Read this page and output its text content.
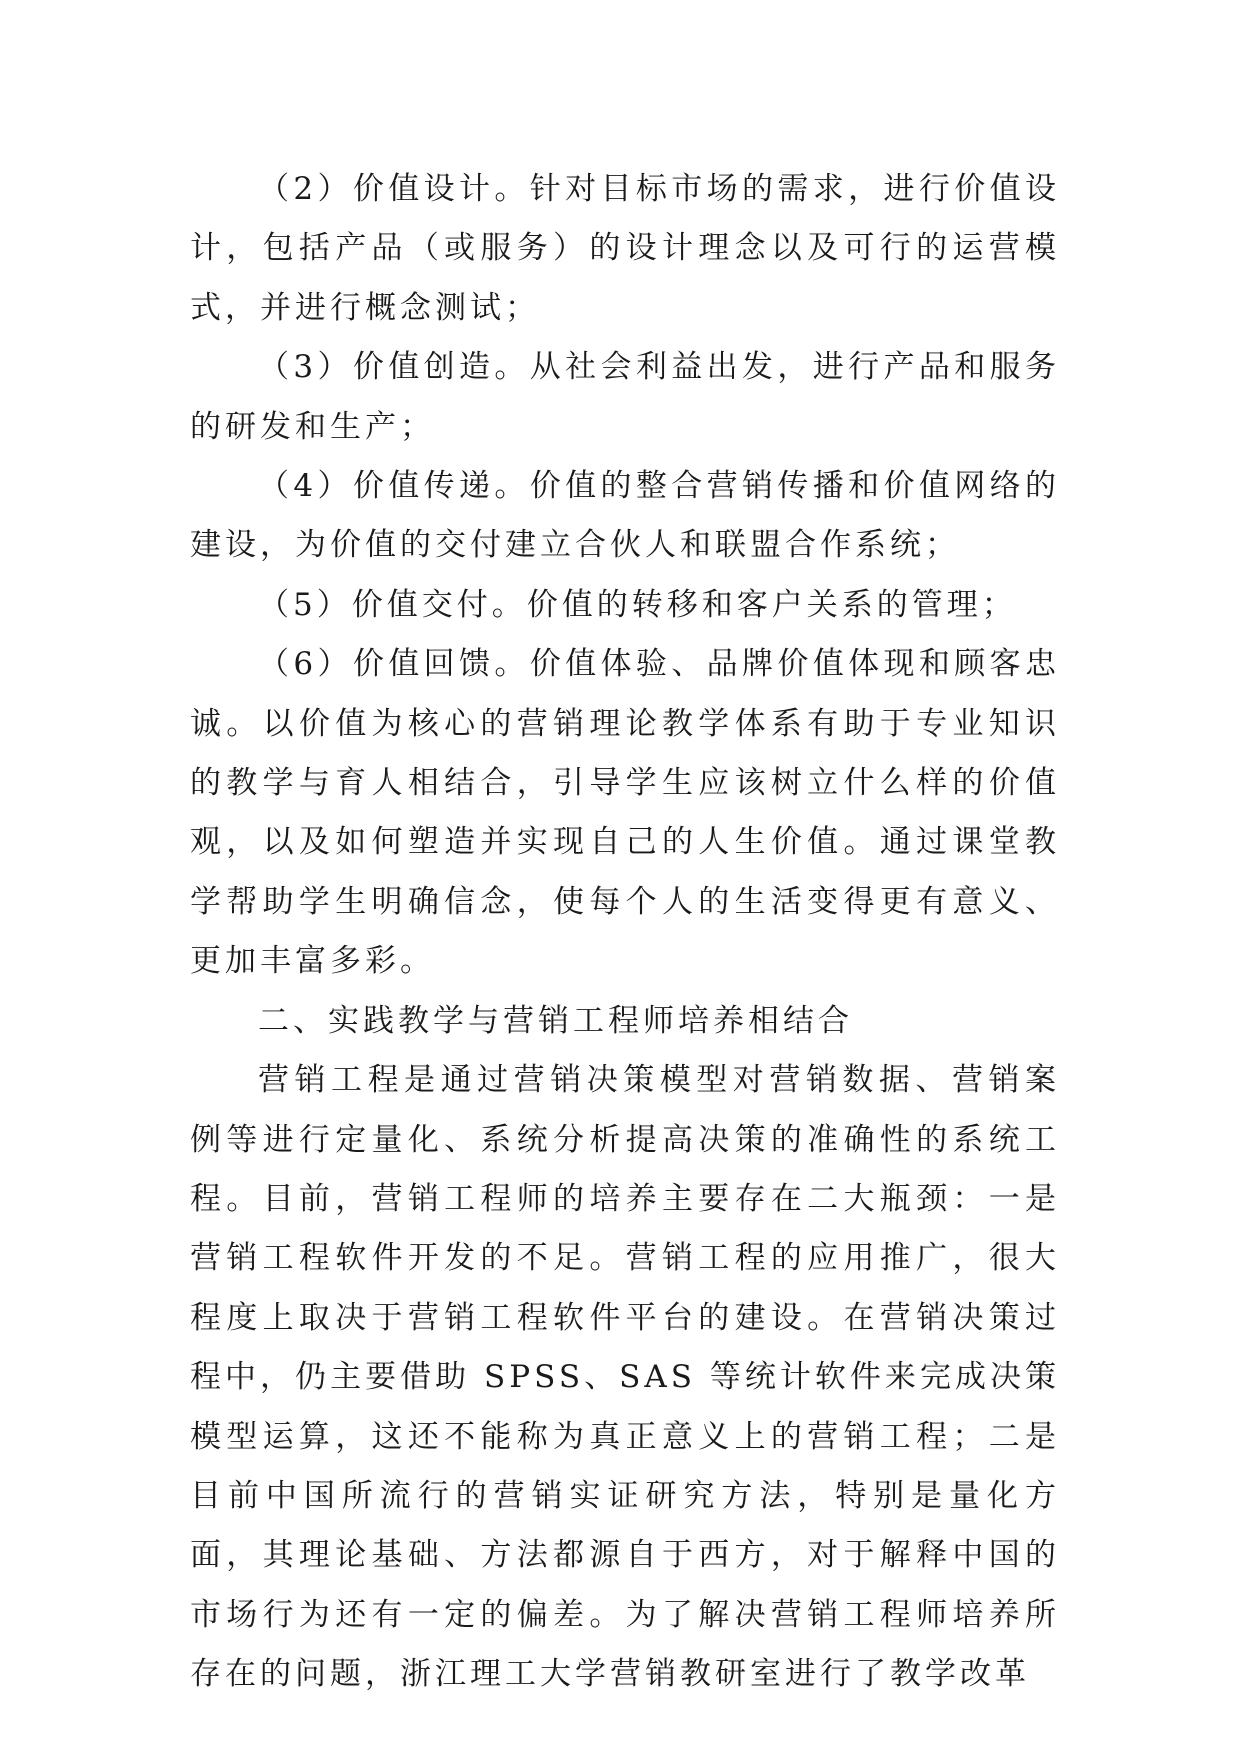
（2）价值设计。针对目标市场的需求，进行价值设计，包括产品（或服务）的设计理念以及可行的运营模式，并进行概念测试；

（3）价值创造。从社会利益出发，进行产品和服务的研发和生产；

（4）价值传递。价值的整合营销传播和价值网络的建设，为价值的交付建立合伙人和联盟合作系统；

（5）价值交付。价值的转移和客户关系的管理；

（6）价值回馈。价值体验、品牌价值体现和顾客忠诚。以价值为核心的营销理论教学体系有助于专业知识的教学与育人相结合，引导学生应该树立什么样的价值观，以及如何塑造并实现自己的人生价值。通过课堂教学帮助学生明确信念，使每个人的生活变得更有意义、更加丰富多彩。

二、实践教学与营销工程师培养相结合

营销工程是通过营销决策模型对营销数据、营销案例等进行定量化、系统分析提高决策的准确性的系统工程。目前，营销工程师的培养主要存在二大瓶颈：一是营销工程软件开发的不足。营销工程的应用推广，很大程度上取决于营销工程软件平台的建设。在营销决策过程中，仍主要借助 SPSS、SAS 等统计软件来完成决策模型运算，这还不能称为真正意义上的营销工程；二是目前中国所流行的营销实证研究方法，特别是量化方面，其理论基础、方法都源自于西方，对于解释中国的市场行为还有一定的偏差。为了解决营销工程师培养所存在的问题，浙江理工大学营销教研室进行了教学改革
